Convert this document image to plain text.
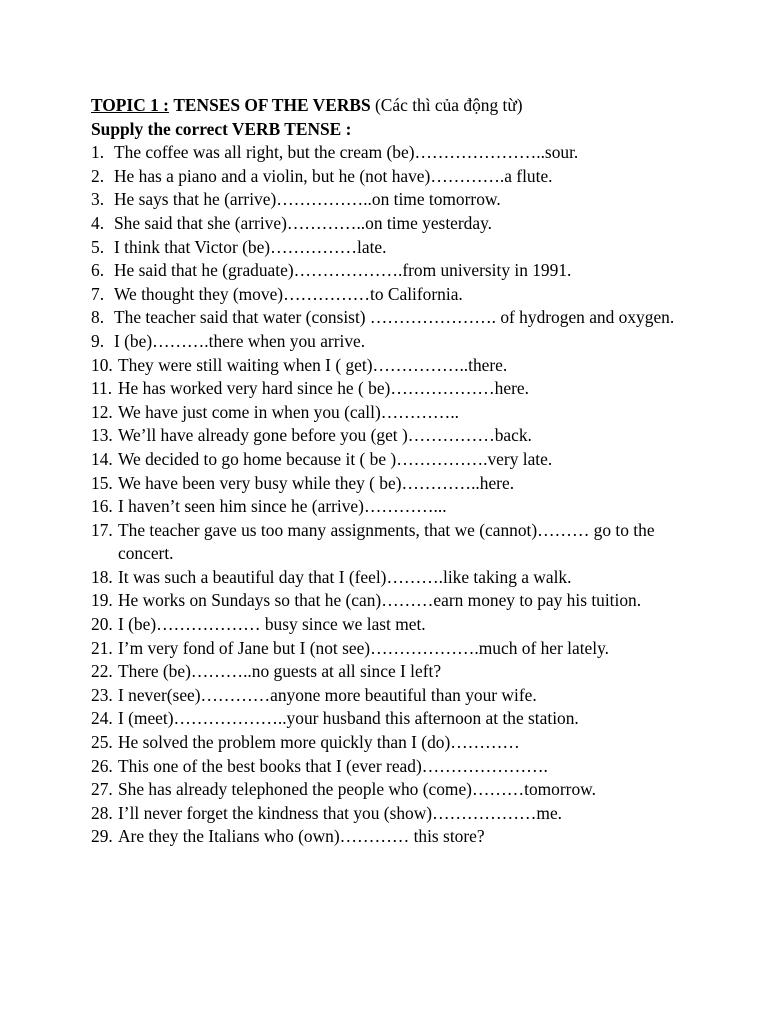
TOPIC 1 : TENSES OF THE VERBS (Các thì của động từ)
Supply the correct VERB TENSE :
1. The coffee was all right, but the cream (be)…………………..sour.
2. He has a piano and a violin, but he (not have)………….a flute.
3. He says that he (arrive)……………..on time tomorrow.
4. She said that she (arrive)…………..on time yesterday.
5. I think that Victor (be)……………late.
6. He said that he (graduate)……………….from university in 1991.
7. We thought they (move)……………to California.
8. The teacher said that water (consist) …………………. of hydrogen and oxygen.
9. I (be)……….there when you arrive.
10. They were still waiting when I ( get)……………..there.
11. He has worked very hard since he ( be)………………here.
12. We have just come in when you (call)…………..
13. We’ll have already gone before you (get )……………back.
14. We decided to go home because it ( be )…………….very late.
15. We have been very busy while they ( be)…………..here.
16. I haven’t seen him since he (arrive)…………...
17. The teacher gave us too many assignments, that we (cannot)……… go to the concert.
18. It was such a beautiful day that I (feel)……….like taking a walk.
19. He works on Sundays so that he (can)………earn money to pay his tuition.
20. I (be)……………… busy since we last met.
21. I’m very fond of Jane but I (not see)……………….much of her lately.
22. There (be)………..no guests at all since I left?
23. I never(see)…………anyone more beautiful than your wife.
24. I (meet)………………..your husband this afternoon at the station.
25. He solved the problem more quickly than I (do)…………
26. This one of the best books that I (ever read)………………….
27. She has already telephoned the people who (come)………tomorrow.
28. I’ll never forget the kindness that you (show)………………me.
29. Are they the Italians who (own)………… this store?
